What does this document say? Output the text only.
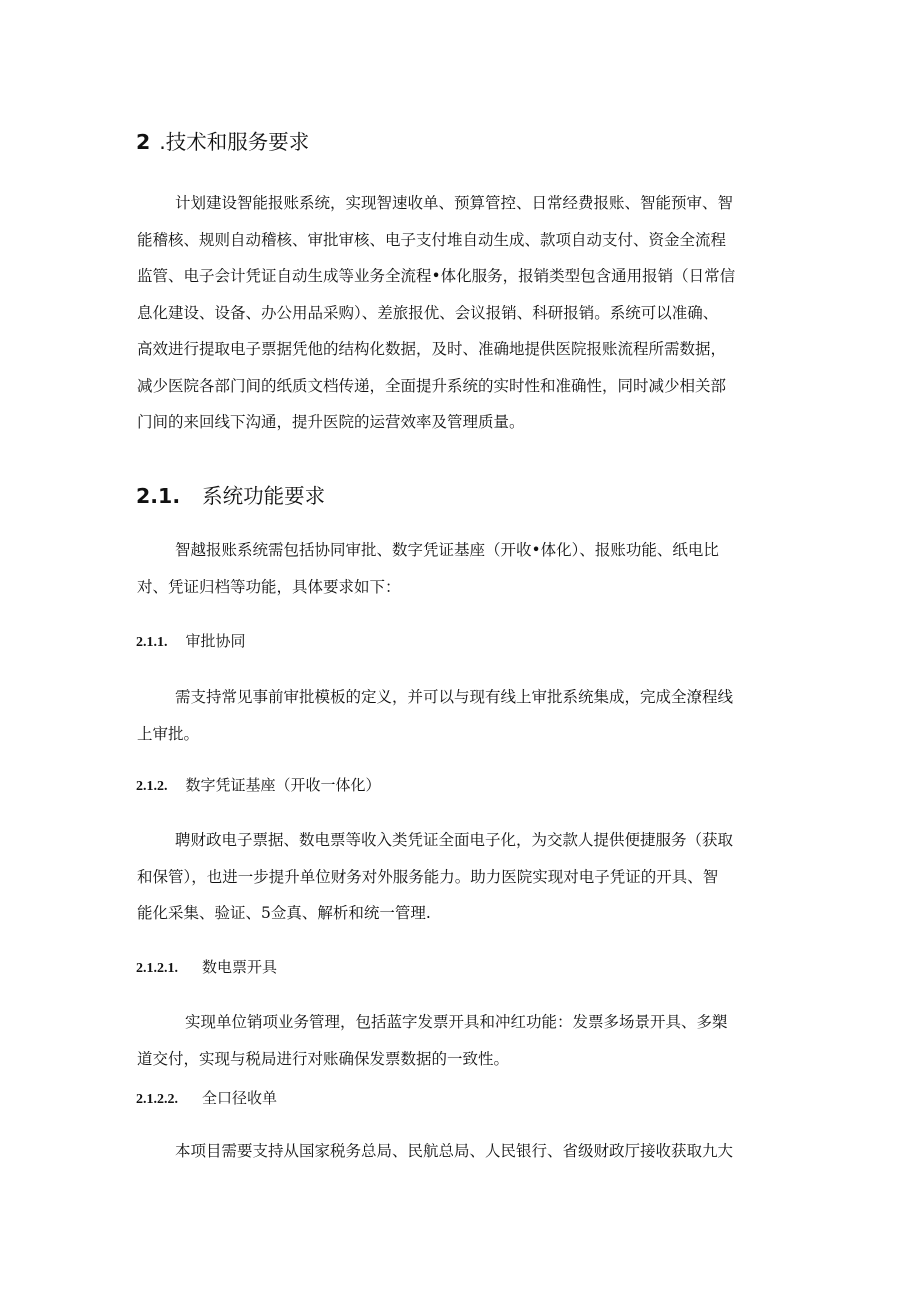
2 .技术和服务要求
计划建设智能报账系统，实现智速收单、预算管控、日常经费报账、智能预审、智
能稽核、规则自动稽核、审批审核、电子支付堆自动生成、款项自动支付、资金全流程
监管、电子会计凭证自动生成等业务全流程•体化服务，报销类型包含通用报销（日常信
息化建设、设备、办公用品采购）、差旅报优、会议报销、科研报销。系统可以准确、
高效进行提取电子票据凭他的结构化数据，及时、准确地提供医院报账流程所需数据，
减少医院各部门间的纸质文档传递，全面提升系统的实时性和准确性，同时减少相关部
门间的来回线下沟通，提升医院的运营效率及管理质量。
2.1. 系统功能要求
智越报账系统需包括协同审批、数字凭证基座（开收•体化）、报账功能、纸电比
对、凭证归档等功能，具体要求如下：
2.1.1. 审批协同
需支持常见事前审批模板的定义，并可以与现有线上审批系统集成，完成全潦程线
上审批。
2.1.2. 数字凭证基座（开收一体化）
聘财政电子票据、数电票等收入类凭证全面电子化，为交款人提供便捷服务（获取
和保管），也进一步提升单位财务对外服务能力。助力医院实现对电子凭证的开具、智
能化采集、验证、5佥真、解析和统一管理.
2.1.2.1. 数电票开具
实现单位销项业务管理，包括蓝字发票开具和冲红功能：发票多场景开具、多槊
道交付，实现与税局进行对账确保发票数据的一致性。
2.1.2.2. 全口径收单
本项目需要支持从国家税务总局、民航总局、人民银行、省级财政厅接收获取九大
